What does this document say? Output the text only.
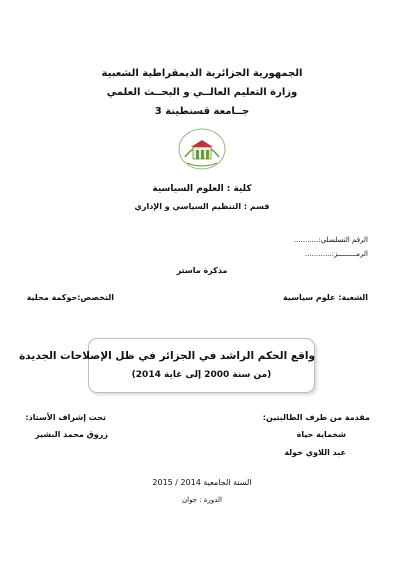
الجمهورية الجزائرية الديمقراطية الشعبية
وزارة التعليم العالــي و البحــث العلمي
جــامعة قسنطينة 3
كلية : العلوم السياسية
قسم : التنظيم السياسي و الإداري
الرقم التسلسلي:...........
الرمـــــــــز:............
مذكرة ماستر
الشعبة: علوم سياسية
التخصص:حوكمة محلية
واقع الحكم الراشد في الجزائر في ظل الإصلاحات الجديدة
(من سنة 2000 إلى غاية 2014)
مقدمة من طرف الطالبتين:
شخماية حياة
عبد اللاوي خولة
تحت إشراف الأستاذ:
زروق محمد البشير
السنة الجامعية 2014 / 2015
الدورة : جوان
